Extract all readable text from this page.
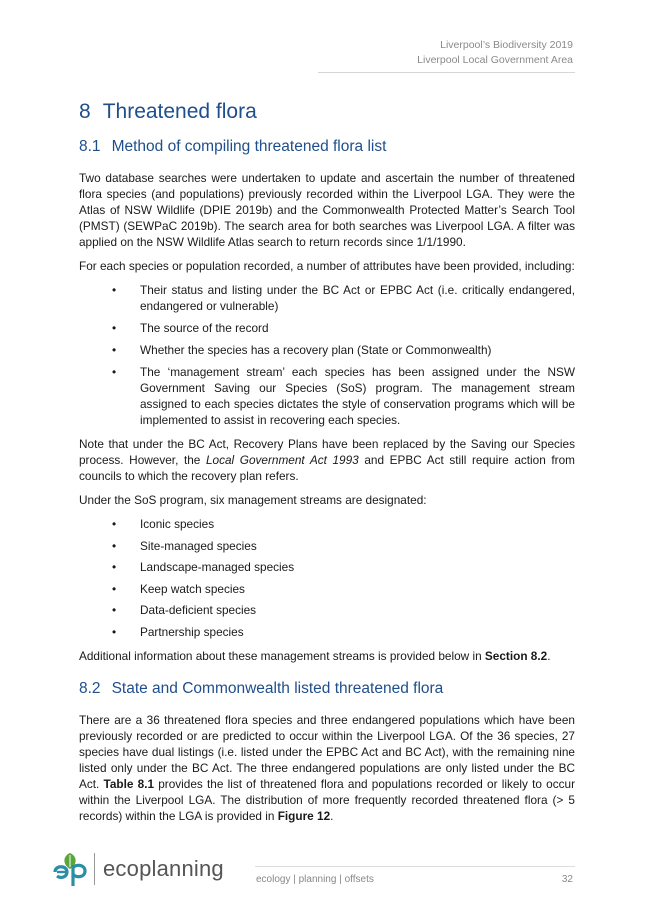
Liverpool’s Biodiversity 2019
Liverpool Local Government Area
8 Threatened flora
8.1 Method of compiling threatened flora list

Two database searches were undertaken to update and ascertain the number of threatened flora species (and populations) previously recorded within the Liverpool LGA. They were the Atlas of NSW Wildlife (DPIE 2019b) and the Commonwealth Protected Matter’s Search Tool (PMST) (SEWPaC 2019b). The search area for both searches was Liverpool LGA. A filter was applied on the NSW Wildlife Atlas search to return records since 1/1/1990.

For each species or population recorded, a number of attributes have been provided, including:

• Their status and listing under the BC Act or EPBC Act (i.e. critically endangered, endangered or vulnerable)
• The source of the record
• Whether the species has a recovery plan (State or Commonwealth)
• The ‘management stream’ each species has been assigned under the NSW Government Saving our Species (SoS) program. The management stream assigned to each species dictates the style of conservation programs which will be implemented to assist in recovering each species.

Note that under the BC Act, Recovery Plans have been replaced by the Saving our Species process. However, the Local Government Act 1993 and EPBC Act still require action from councils to which the recovery plan refers.

Under the SoS program, six management streams are designated:

• Iconic species
• Site-managed species
• Landscape-managed species
• Keep watch species
• Data-deficient species
• Partnership species

Additional information about these management streams is provided below in Section 8.2.

8.2 State and Commonwealth listed threatened flora

There are a 36 threatened flora species and three endangered populations which have been previously recorded or are predicted to occur within the Liverpool LGA. Of the 36 species, 27 species have dual listings (i.e. listed under the EPBC Act and BC Act), with the remaining nine listed only under the BC Act. The three endangered populations are only listed under the BC Act. Table 8.1 provides the list of threatened flora and populations recorded or likely to occur within the Liverpool LGA. The distribution of more frequently recorded threatened flora (> 5 records) within the LGA is provided in Figure 12.

ecoplanning	ecology | planning | offsets	32
